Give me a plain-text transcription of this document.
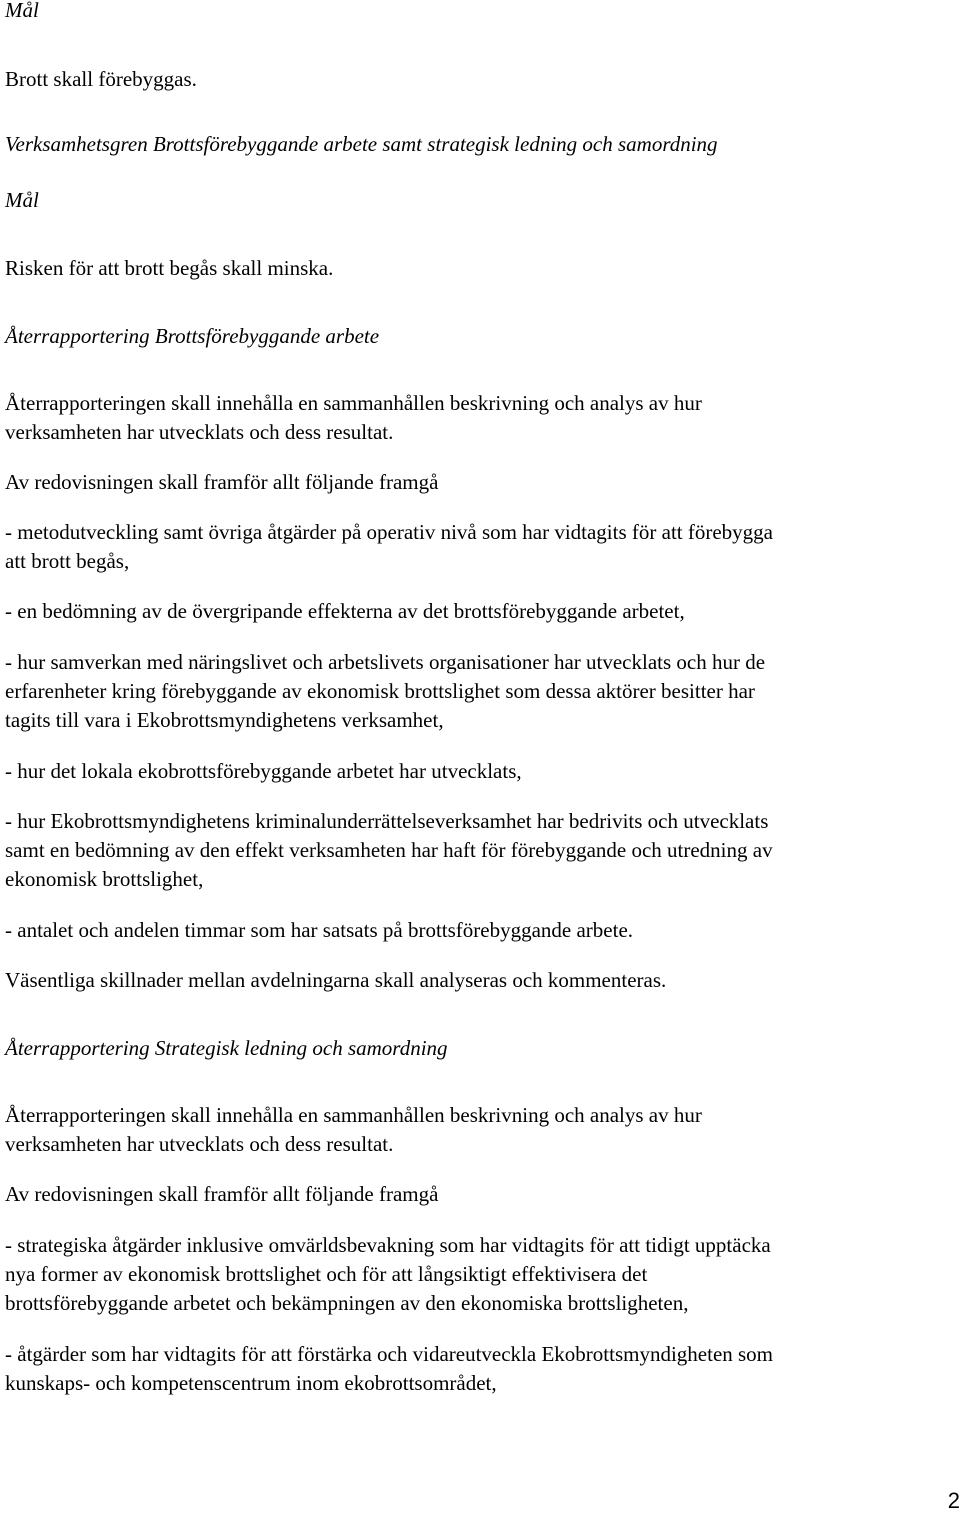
Mål
Brott skall förebyggas.
Verksamhetsgren Brottsförebyggande arbete samt strategisk ledning och samordning
Mål
Risken för att brott begås skall minska.
Återrapportering Brottsförebyggande arbete
Återrapporteringen skall innehålla en sammanhållen beskrivning och analys av hur
verksamheten har utvecklats och dess resultat.
Av redovisningen skall framför allt följande framgå
- metodutveckling samt övriga åtgärder på operativ nivå som har vidtagits för att förebygga
att brott begås,
- en bedömning av de övergripande effekterna av det brottsförebyggande arbetet,
- hur samverkan med näringslivet och arbetslivets organisationer har utvecklats och hur de
erfarenheter kring förebyggande av ekonomisk brottslighet som dessa aktörer besitter har
tagits till vara i Ekobrottsmyndighetens verksamhet,
- hur det lokala ekobrottsförebyggande arbetet har utvecklats,
- hur Ekobrottsmyndighetens kriminalunderrättelseverksamhet har bedrivits och utvecklats
samt en bedömning av den effekt verksamheten har haft för förebyggande och utredning av
ekonomisk brottslighet,
- antalet och andelen timmar som har satsats på brottsförebyggande arbete.
Väsentliga skillnader mellan avdelningarna skall analyseras och kommenteras.
Återrapportering Strategisk ledning och samordning
Återrapporteringen skall innehålla en sammanhållen beskrivning och analys av hur
verksamheten har utvecklats och dess resultat.
Av redovisningen skall framför allt följande framgå
- strategiska åtgärder inklusive omvärldsbevakning som har vidtagits för att tidigt upptäcka
nya former av ekonomisk brottslighet och för att långsiktigt effektivisera det
brottsförebyggande arbetet och bekämpningen av den ekonomiska brottsligheten,
- åtgärder som har vidtagits för att förstärka och vidareutveckla Ekobrottsmyndigheten som
kunskaps- och kompetenscentrum inom ekobrottsområdet,
2
